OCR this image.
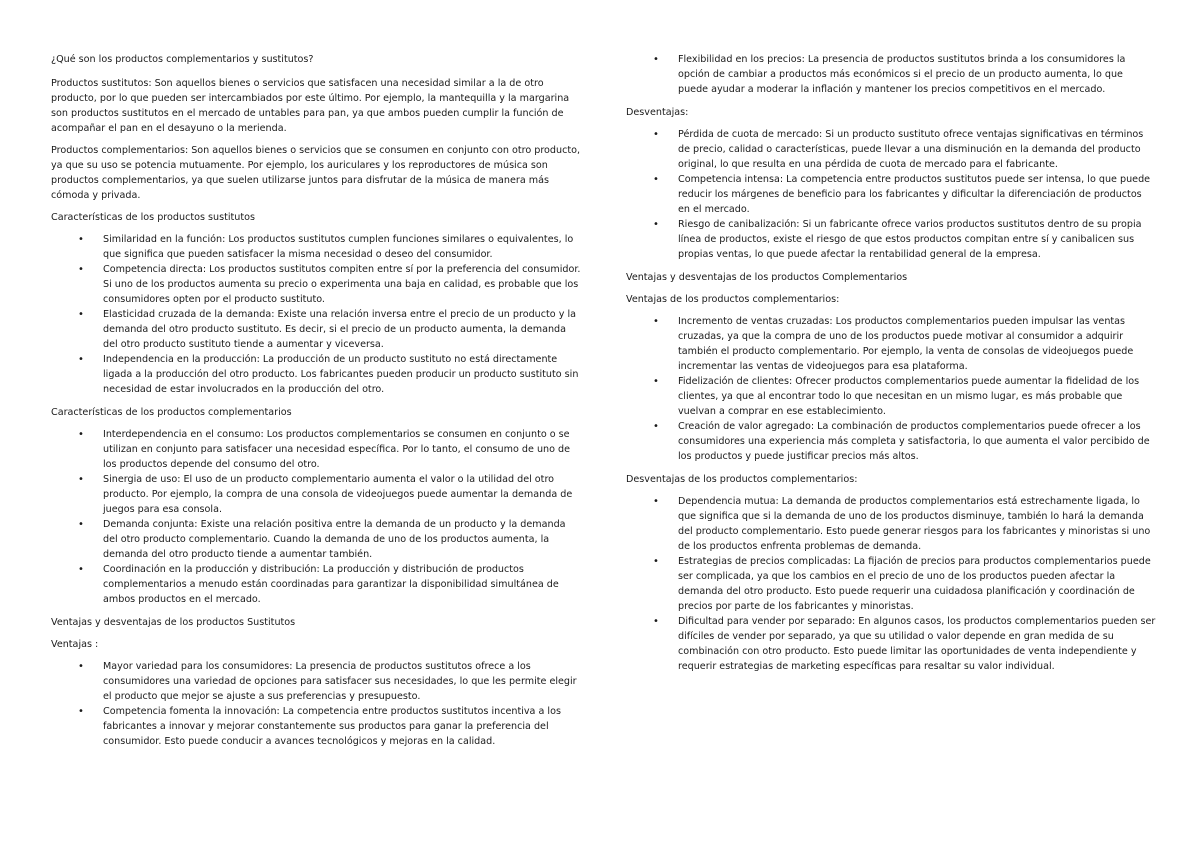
¿Qué son los productos complementarios y sustitutos?

Productos sustitutos: Son aquellos bienes o servicios que satisfacen una necesidad similar a la de otro producto, por lo que pueden ser intercambiados por este último. Por ejemplo, la mantequilla y la margarina son productos sustitutos en el mercado de untables para pan, ya que ambos pueden cumplir la función de acompañar el pan en el desayuno o la merienda.

Productos complementarios: Son aquellos bienes o servicios que se consumen en conjunto con otro producto, ya que su uso se potencia mutuamente. Por ejemplo, los auriculares y los reproductores de música son productos complementarios, ya que suelen utilizarse juntos para disfrutar de la música de manera más cómoda y privada.

Características de los productos sustitutos

• Similaridad en la función: Los productos sustitutos cumplen funciones similares o equivalentes, lo que significa que pueden satisfacer la misma necesidad o deseo del consumidor.
• Competencia directa: Los productos sustitutos compiten entre sí por la preferencia del consumidor. Si uno de los productos aumenta su precio o experimenta una baja en calidad, es probable que los consumidores opten por el producto sustituto.
• Elasticidad cruzada de la demanda: Existe una relación inversa entre el precio de un producto y la demanda del otro producto sustituto. Es decir, si el precio de un producto aumenta, la demanda del otro producto sustituto tiende a aumentar y viceversa.
• Independencia en la producción: La producción de un producto sustituto no está directamente ligada a la producción del otro producto. Los fabricantes pueden producir un producto sustituto sin necesidad de estar involucrados en la producción del otro.

Características de los productos complementarios

• Interdependencia en el consumo: Los productos complementarios se consumen en conjunto o se utilizan en conjunto para satisfacer una necesidad específica. Por lo tanto, el consumo de uno de los productos depende del consumo del otro.
• Sinergia de uso: El uso de un producto complementario aumenta el valor o la utilidad del otro producto. Por ejemplo, la compra de una consola de videojuegos puede aumentar la demanda de juegos para esa consola.
• Demanda conjunta: Existe una relación positiva entre la demanda de un producto y la demanda del otro producto complementario. Cuando la demanda de uno de los productos aumenta, la demanda del otro producto tiende a aumentar también.
• Coordinación en la producción y distribución: La producción y distribución de productos complementarios a menudo están coordinadas para garantizar la disponibilidad simultánea de ambos productos en el mercado.

Ventajas y desventajas de los productos Sustitutos

Ventajas :

• Mayor variedad para los consumidores: La presencia de productos sustitutos ofrece a los consumidores una variedad de opciones para satisfacer sus necesidades, lo que les permite elegir el producto que mejor se ajuste a sus preferencias y presupuesto.
• Competencia fomenta la innovación: La competencia entre productos sustitutos incentiva a los fabricantes a innovar y mejorar constantemente sus productos para ganar la preferencia del consumidor. Esto puede conducir a avances tecnológicos y mejoras en la calidad.
• Flexibilidad en los precios: La presencia de productos sustitutos brinda a los consumidores la opción de cambiar a productos más económicos si el precio de un producto aumenta, lo que puede ayudar a moderar la inflación y mantener los precios competitivos en el mercado.

Desventajas:

• Pérdida de cuota de mercado: Si un producto sustituto ofrece ventajas significativas en términos de precio, calidad o características, puede llevar a una disminución en la demanda del producto original, lo que resulta en una pérdida de cuota de mercado para el fabricante.
• Competencia intensa: La competencia entre productos sustitutos puede ser intensa, lo que puede reducir los márgenes de beneficio para los fabricantes y dificultar la diferenciación de productos en el mercado.
• Riesgo de canibalización: Si un fabricante ofrece varios productos sustitutos dentro de su propia línea de productos, existe el riesgo de que estos productos compitan entre sí y canibalicen sus propias ventas, lo que puede afectar la rentabilidad general de la empresa.

Ventajas y desventajas de los productos Complementarios

Ventajas de los productos complementarios:

• Incremento de ventas cruzadas: Los productos complementarios pueden impulsar las ventas cruzadas, ya que la compra de uno de los productos puede motivar al consumidor a adquirir también el producto complementario. Por ejemplo, la venta de consolas de videojuegos puede incrementar las ventas de videojuegos para esa plataforma.
• Fidelización de clientes: Ofrecer productos complementarios puede aumentar la fidelidad de los clientes, ya que al encontrar todo lo que necesitan en un mismo lugar, es más probable que vuelvan a comprar en ese establecimiento.
• Creación de valor agregado: La combinación de productos complementarios puede ofrecer a los consumidores una experiencia más completa y satisfactoria, lo que aumenta el valor percibido de los productos y puede justificar precios más altos.

Desventajas de los productos complementarios:

• Dependencia mutua: La demanda de productos complementarios está estrechamente ligada, lo que significa que si la demanda de uno de los productos disminuye, también lo hará la demanda del producto complementario. Esto puede generar riesgos para los fabricantes y minoristas si uno de los productos enfrenta problemas de demanda.
• Estrategias de precios complicadas: La fijación de precios para productos complementarios puede ser complicada, ya que los cambios en el precio de uno de los productos pueden afectar la demanda del otro producto. Esto puede requerir una cuidadosa planificación y coordinación de precios por parte de los fabricantes y minoristas.
• Dificultad para vender por separado: En algunos casos, los productos complementarios pueden ser difíciles de vender por separado, ya que su utilidad o valor depende en gran medida de su combinación con otro producto. Esto puede limitar las oportunidades de venta independiente y requerir estrategias de marketing específicas para resaltar su valor individual.
